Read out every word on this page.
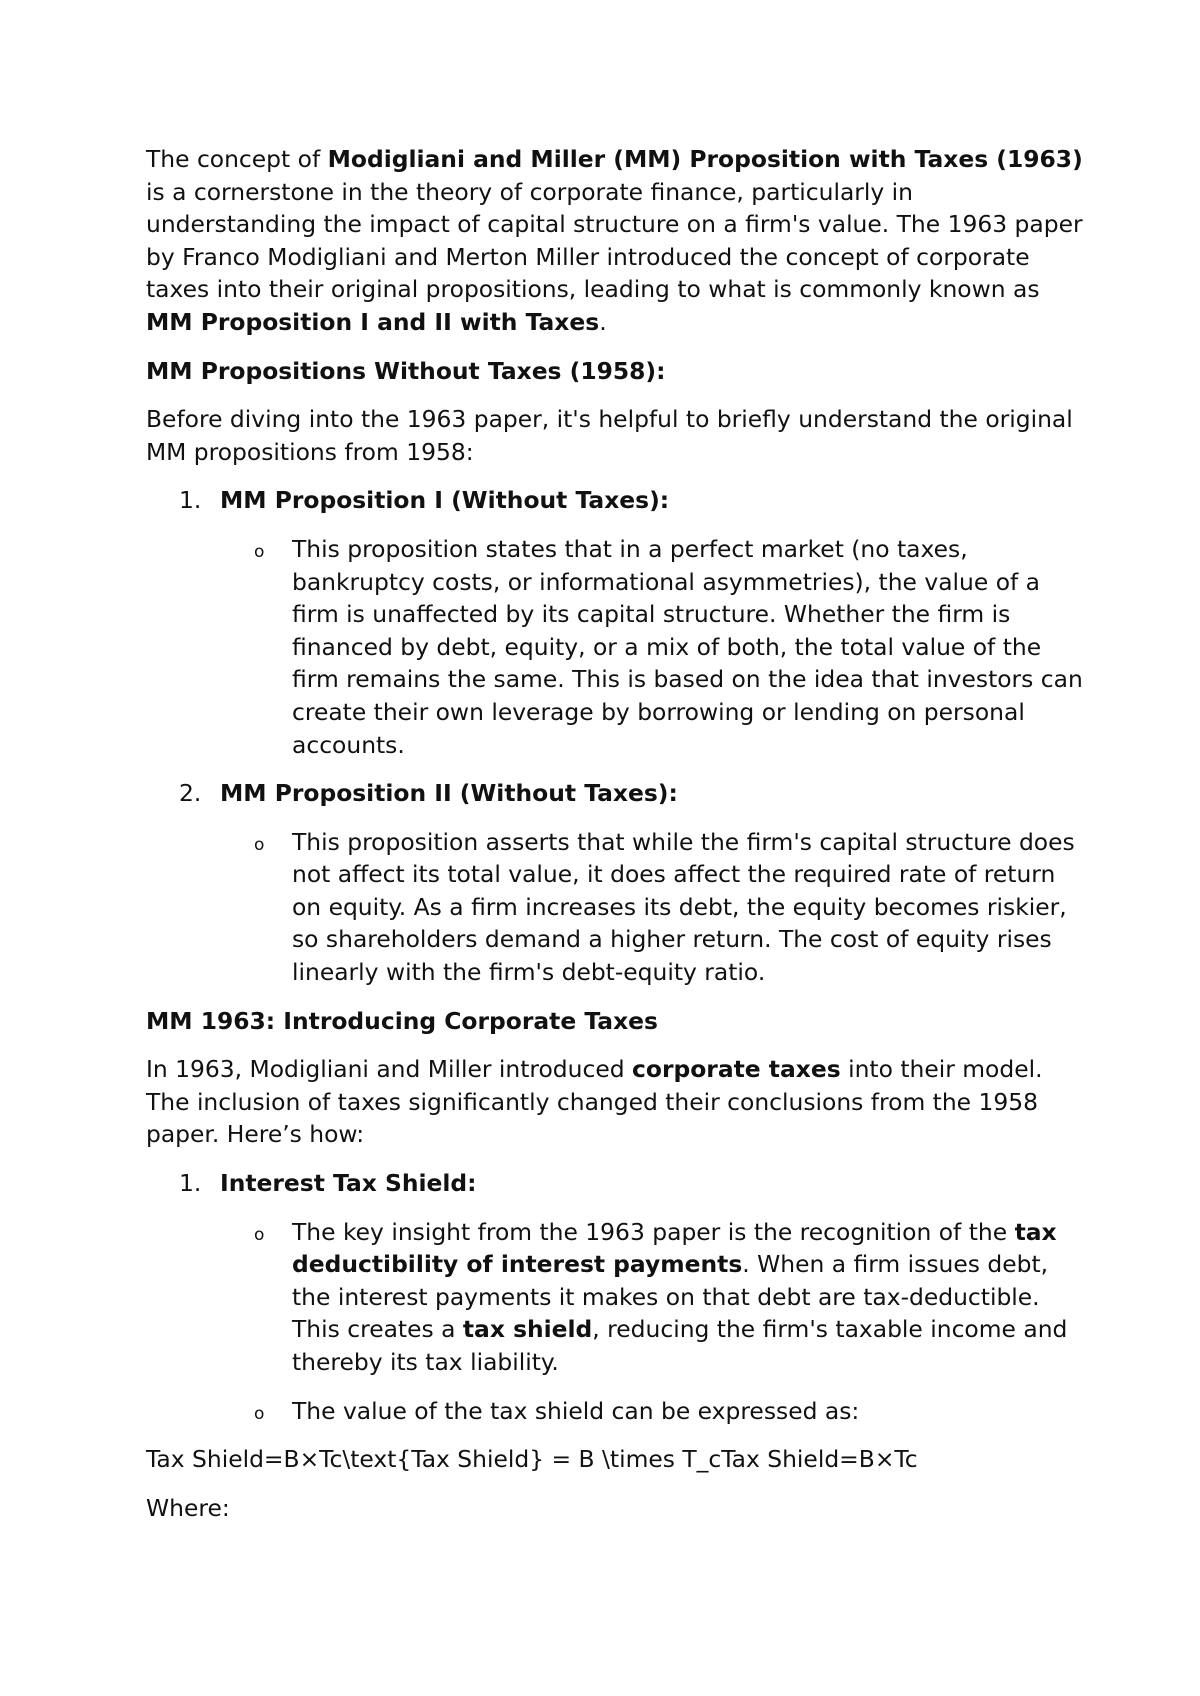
The concept of Modigliani and Miller (MM) Proposition with Taxes (1963) is a cornerstone in the theory of corporate finance, particularly in understanding the impact of capital structure on a firm's value. The 1963 paper by Franco Modigliani and Merton Miller introduced the concept of corporate taxes into their original propositions, leading to what is commonly known as MM Proposition I and II with Taxes.

MM Propositions Without Taxes (1958):

Before diving into the 1963 paper, it's helpful to briefly understand the original MM propositions from 1958:

1. MM Proposition I (Without Taxes):
o This proposition states that in a perfect market (no taxes, bankruptcy costs, or informational asymmetries), the value of a firm is unaffected by its capital structure. Whether the firm is financed by debt, equity, or a mix of both, the total value of the firm remains the same. This is based on the idea that investors can create their own leverage by borrowing or lending on personal accounts.
2. MM Proposition II (Without Taxes):
o This proposition asserts that while the firm's capital structure does not affect its total value, it does affect the required rate of return on equity. As a firm increases its debt, the equity becomes riskier, so shareholders demand a higher return. The cost of equity rises linearly with the firm's debt-equity ratio.

MM 1963: Introducing Corporate Taxes

In 1963, Modigliani and Miller introduced corporate taxes into their model. The inclusion of taxes significantly changed their conclusions from the 1958 paper. Here’s how:

1. Interest Tax Shield:
o The key insight from the 1963 paper is the recognition of the tax deductibility of interest payments. When a firm issues debt, the interest payments it makes on that debt are tax-deductible. This creates a tax shield, reducing the firm's taxable income and thereby its tax liability.
o The value of the tax shield can be expressed as:

Tax Shield=B×Tc\text{Tax Shield} = B \times T_cTax Shield=B×Tc

Where:
